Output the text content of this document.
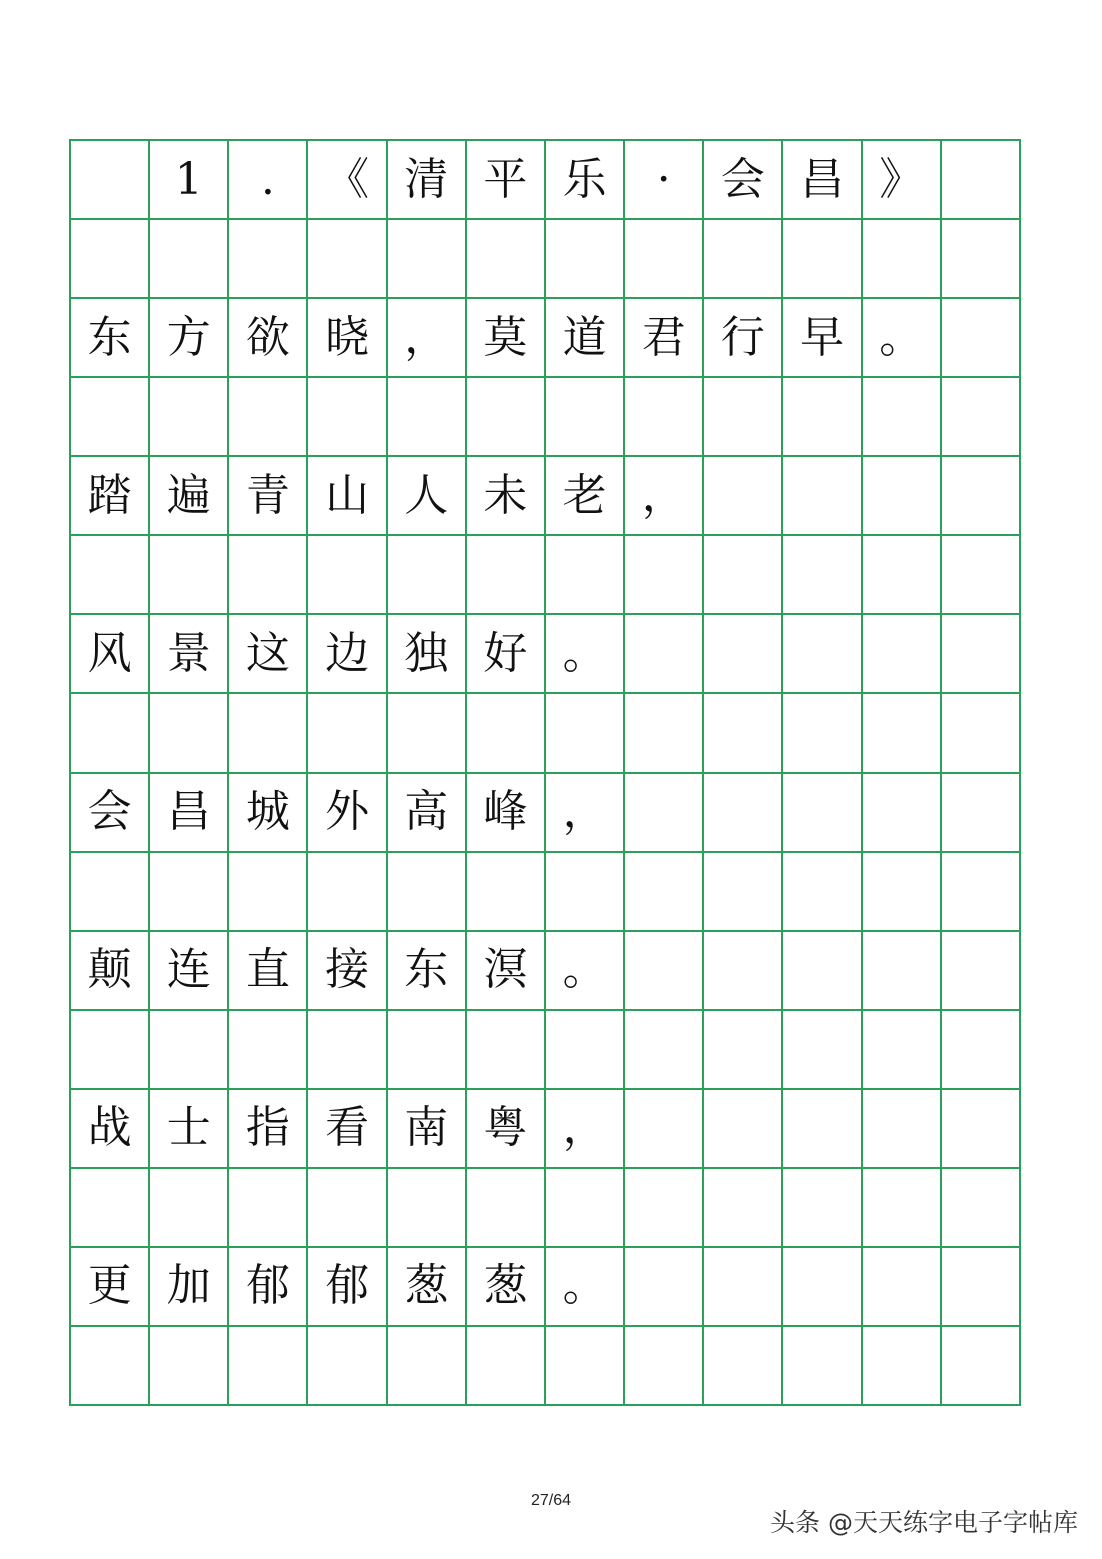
1	.	《 清 平 乐	·	会 昌 》
东 方 欲 晓 ， 莫 道 君 行 早 。
踏 遍 青 山 人 未 老 ，
风 景 这 边 独 好 。
会 昌 城 外 高 峰 ，
颠 连 直 接 东 溟 。
战 士 指 看 南 粤 ，
更 加 郁 郁 葱 葱 。
27/64
头条 @天天练字电子字帖库
